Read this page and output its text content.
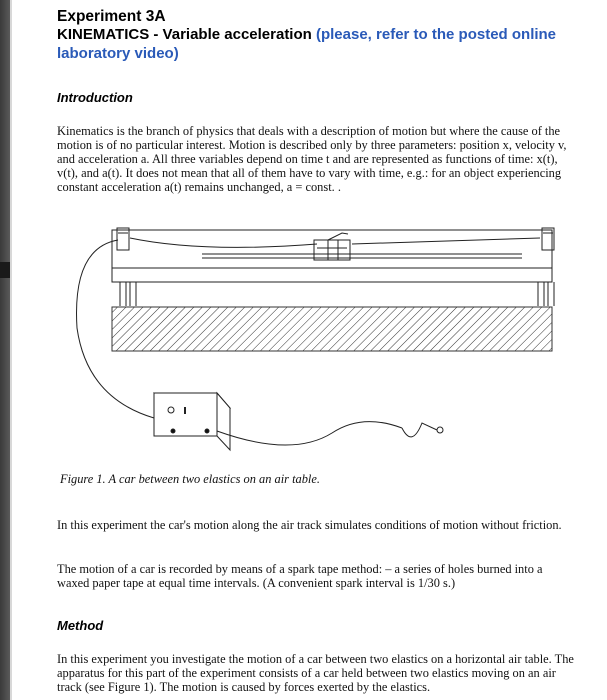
Experiment 3A
KINEMATICS - Variable acceleration (please, refer to the posted online laboratory video)
Introduction
Kinematics is the branch of physics that deals with a description of motion but where the cause of the motion is of no particular interest. Motion is described only by three parameters: position x, velocity v, and acceleration a. All three variables depend on time t and are represented as functions of time: x(t), v(t), and a(t). It does not mean that all of them have to vary with time, e.g.: for an object experiencing constant acceleration a(t) remains unchanged, a = const. .
Figure 1. A car between two elastics on an air table.
In this experiment the car's motion along the air track simulates conditions of motion without friction.
The motion of a car is recorded by means of a spark tape method: – a series of holes burned into a waxed paper tape at equal time intervals. (A convenient spark interval is 1/30 s.)
Method
In this experiment you investigate the motion of a car between two elastics on a horizontal air table. The apparatus for this part of the experiment consists of a car held between two elastics moving on an air track (see Figure 1). The motion is caused by forces exerted by the elastics.
